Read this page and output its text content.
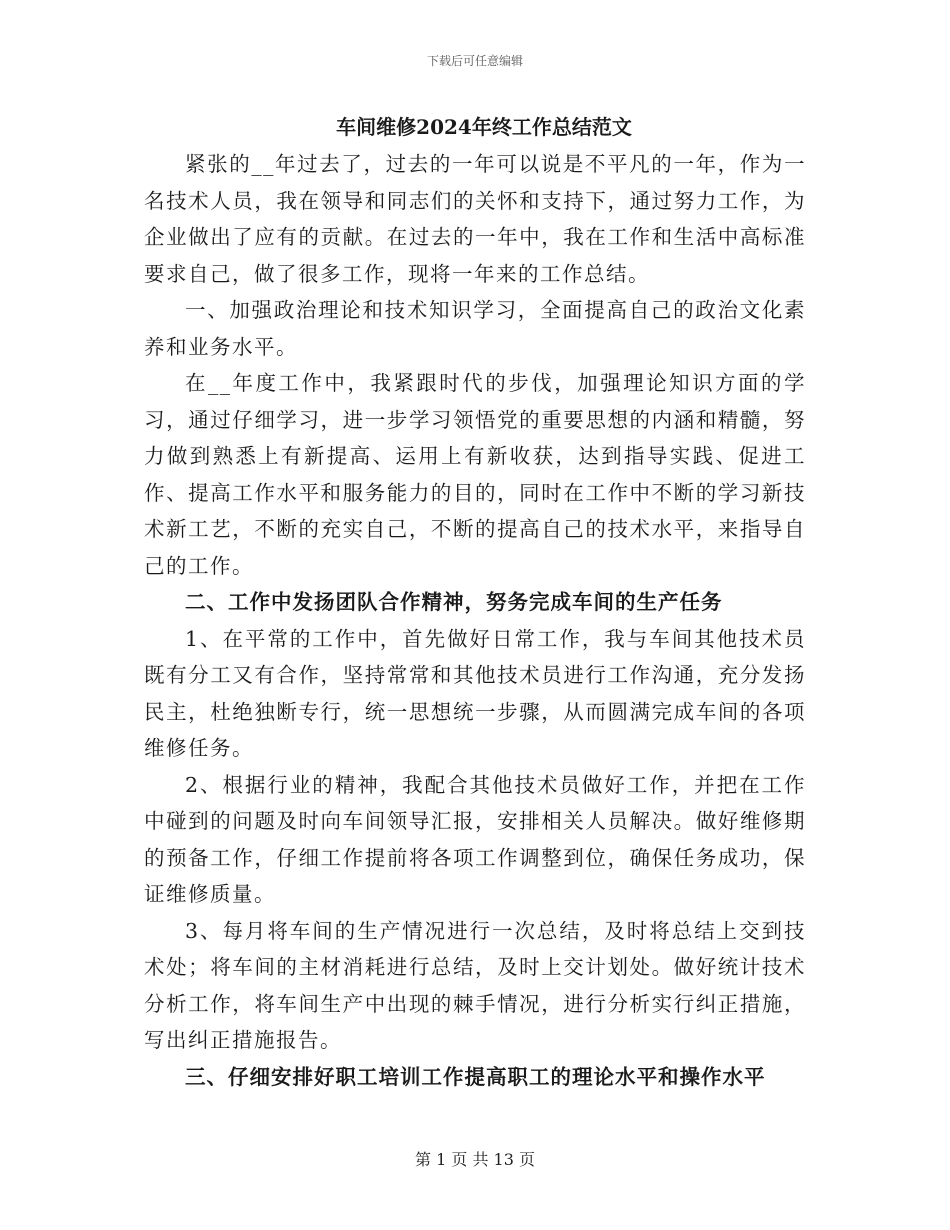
下载后可任意编辑

车间维修2024年终工作总结范文

紧张的__年过去了，过去的一年可以说是不平凡的一年，作为一名技术人员，我在领导和同志们的关怀和支持下，通过努力工作，为企业做出了应有的贡献。在过去的一年中，我在工作和生活中高标准要求自己，做了很多工作，现将一年来的工作总结。

一、加强政治理论和技术知识学习，全面提高自己的政治文化素养和业务水平。

在__年度工作中，我紧跟时代的步伐，加强理论知识方面的学习，通过仔细学习，进一步学习领悟党的重要思想的内涵和精髓，努力做到熟悉上有新提高、运用上有新收获，达到指导实践、促进工作、提高工作水平和服务能力的目的，同时在工作中不断的学习新技术新工艺，不断的充实自己，不断的提高自己的技术水平，来指导自己的工作。

二、工作中发扬团队合作精神，努务完成车间的生产任务

1、在平常的工作中，首先做好日常工作，我与车间其他技术员既有分工又有合作，坚持常常和其他技术员进行工作沟通，充分发扬民主，杜绝独断专行，统一思想统一步骤，从而圆满完成车间的各项维修任务。

2、根据行业的精神，我配合其他技术员做好工作，并把在工作中碰到的问题及时向车间领导汇报，安排相关人员解决。做好维修期的预备工作，仔细工作提前将各项工作调整到位，确保任务成功，保证维修质量。

3、每月将车间的生产情况进行一次总结，及时将总结上交到技术处；将车间的主材消耗进行总结，及时上交计划处。做好统计技术分析工作，将车间生产中出现的棘手情况，进行分析实行纠正措施，写出纠正措施报告。

三、仔细安排好职工培训工作提高职工的理论水平和操作水平

第 1 页 共 13 页
